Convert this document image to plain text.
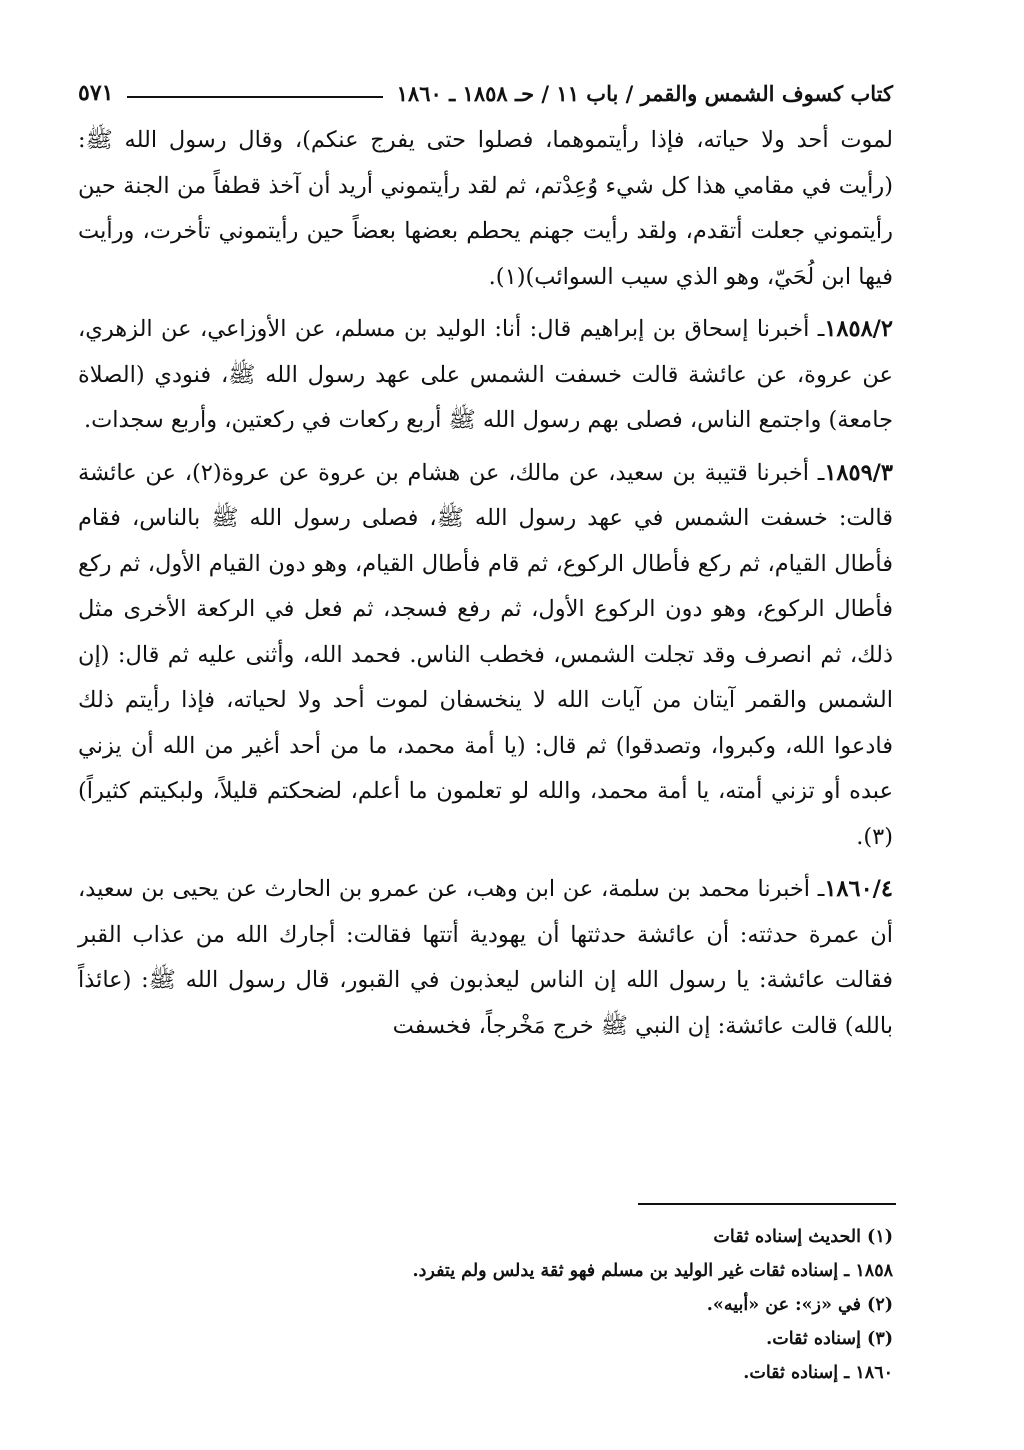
كتاب كسوف الشمس والقمر / باب ١١ / حـ ١٨٥٨ ـ ١٨٦٠
٥٧١

لموت أحد ولا حياته، فإذا رأيتموهما، فصلوا حتى يفرج عنكم)، وقال رسول الله ﷺ: (رأيت في مقامي هذا كل شيء وُعِدْتم، ثم لقد رأيتموني أريد أن آخذ قطفاً من الجنة حين رأيتموني جعلت أتقدم، ولقد رأيت جهنم يحطم بعضها بعضاً حين رأيتموني تأخرت، ورأيت فيها ابن لُحَيّ، وهو الذي سيب السوائب)(١).

١٨٥٨/٢ـ أخبرنا إسحاق بن إبراهيم قال: أنا: الوليد بن مسلم، عن الأوزاعي، عن الزهري، عن عروة، عن عائشة قالت خسفت الشمس على عهد رسول الله ﷺ، فنودي (الصلاة جامعة) واجتمع الناس، فصلى بهم رسول الله ﷺ أربع ركعات في ركعتين، وأربع سجدات.

١٨٥٩/٣ـ أخبرنا قتيبة بن سعيد، عن مالك، عن هشام بن عروة عن عروة(٢)، عن عائشة قالت: خسفت الشمس في عهد رسول الله ﷺ، فصلى رسول الله ﷺ بالناس، فقام فأطال القيام، ثم ركع فأطال الركوع، ثم قام فأطال القيام، وهو دون القيام الأول، ثم ركع فأطال الركوع، وهو دون الركوع الأول، ثم رفع فسجد، ثم فعل في الركعة الأخرى مثل ذلك، ثم انصرف وقد تجلت الشمس، فخطب الناس. فحمد الله، وأثنى عليه ثم قال: (إن الشمس والقمر آيتان من آيات الله لا ينخسفان لموت أحد ولا لحياته، فإذا رأيتم ذلك فادعوا الله، وكبروا، وتصدقوا) ثم قال: (يا أمة محمد، ما من أحد أغير من الله أن يزني عبده أو تزني أمته، يا أمة محمد، والله لو تعلمون ما أعلم، لضحكتم قليلاً، ولبكيتم كثيراً)(٣).

١٨٦٠/٤ـ أخبرنا محمد بن سلمة، عن ابن وهب، عن عمرو بن الحارث عن يحيى بن سعيد، أن عمرة حدثته: أن عائشة حدثتها أن يهودية أتتها فقالت: أجارك الله من عذاب القبر فقالت عائشة: يا رسول الله إن الناس ليعذبون في القبور، قال رسول الله ﷺ: (عائذاً بالله) قالت عائشة: إن النبي ﷺ خرج مَخْرجاً، فخسفت

(١) الحديث إسناده ثقات

١٨٥٨ ـ إسناده ثقات غير الوليد بن مسلم فهو ثقة يدلس ولم يتفرد.

(٢) في «ز»: عن «أبيه».

(٣) إسناده ثقات.

١٨٦٠ ـ إسناده ثقات.
